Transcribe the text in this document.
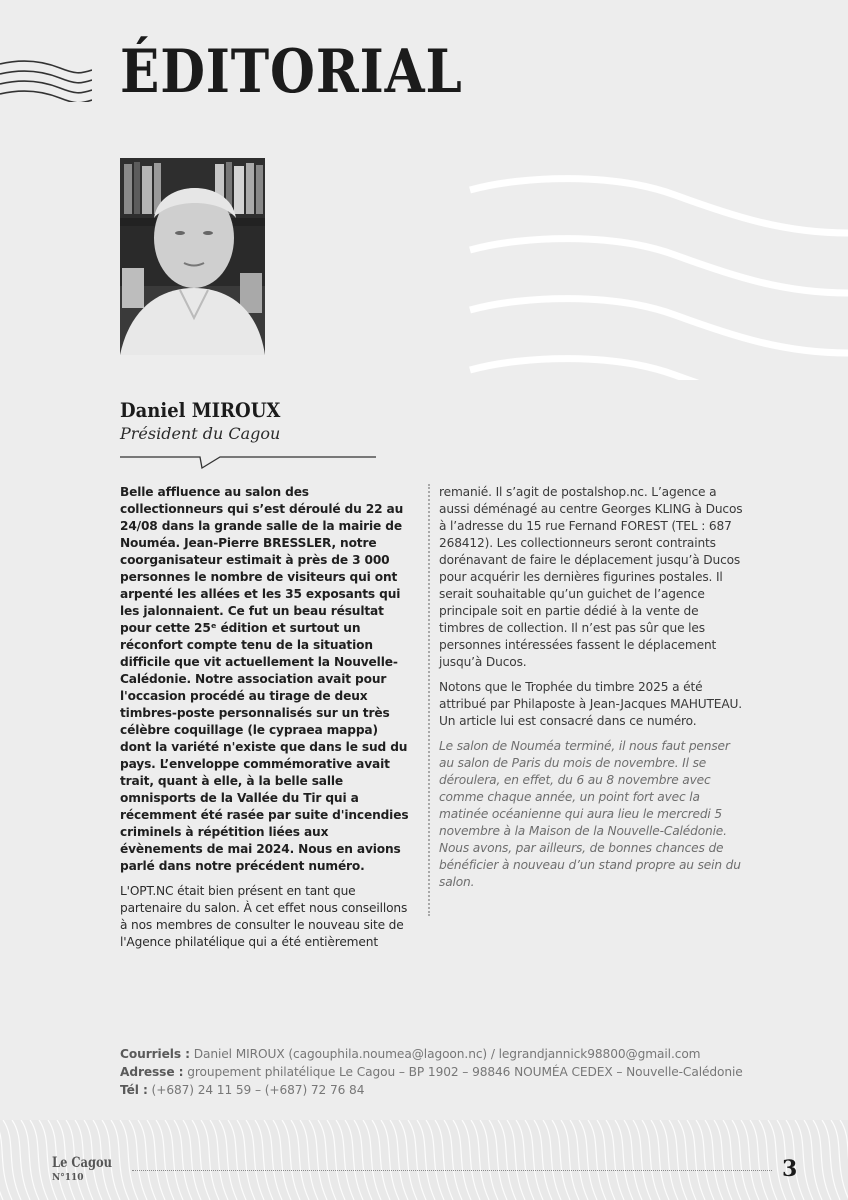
ÉDITORIAL
Daniel MIROUX

Président du Cagou

Belle affluence au salon des collectionneurs qui s’est déroulé du 22 au 24/08 dans la grande salle de la mairie de Nouméa. Jean-Pierre BRESSLER, notre coorganisateur estimait à près de 3 000 personnes le nombre de visiteurs qui ont arpenté les allées et les 35 exposants qui les jalonnaient. Ce fut un beau résultat pour cette 25ᵉ édition et surtout un réconfort compte tenu de la situation difficile que vit actuellement la Nouvelle-Calédonie. Notre association avait pour l'occasion procédé au tirage de deux timbres-poste personnalisés sur un très célèbre coquillage (le cypraea mappa) dont la variété n'existe que dans le sud du pays. L’enveloppe commémorative avait trait, quant à elle, à la belle salle omnisports de la Vallée du Tir qui a récemment été rasée par suite d'incendies criminels à répétition liées aux évènements de mai 2024. Nous en avions parlé dans notre précédent numéro.

L'OPT.NC était bien présent en tant que partenaire du salon. À cet effet nous conseillons à nos membres de consulter le nouveau site de l'Agence philatélique qui a été entièrement

remanié. Il s’agit de postalshop.nc. L’agence a aussi déménagé au centre Georges KLING à Ducos à l’adresse du 15 rue Fernand FOREST (TEL : 687 268412). Les collectionneurs seront contraints dorénavant de faire le déplacement jusqu’à Ducos pour acquérir les dernières figurines postales. Il serait souhaitable qu’un guichet de l’agence principale soit en partie dédié à la vente de timbres de collection. Il n’est pas sûr que les personnes intéressées fassent le déplacement jusqu’à Ducos.

Notons que le Trophée du timbre 2025 a été attribué par Philaposte à Jean-Jacques MAHUTEAU. Un article lui est consacré dans ce numéro.

Le salon de Nouméa terminé, il nous faut penser au salon de Paris du mois de novembre. Il se déroulera, en effet, du 6 au 8 novembre avec comme chaque année, un point fort avec la matinée océanienne qui aura lieu le mercredi 5 novembre à la Maison de la Nouvelle-Calédonie. Nous avons, par ailleurs, de bonnes chances de bénéficier à nouveau d’un stand propre au sein du salon.

Courriels : Daniel MIROUX (cagouphila.noumea@lagoon.nc) / legrandjannick98800@gmail.com
Adresse : groupement philatélique Le Cagou – BP 1902 – 98846 NOUMÉA CEDEX – Nouvelle-Calédonie
Tél : (+687) 24 11 59 – (+687) 72 76 84
Le Cagou
N°110	3
